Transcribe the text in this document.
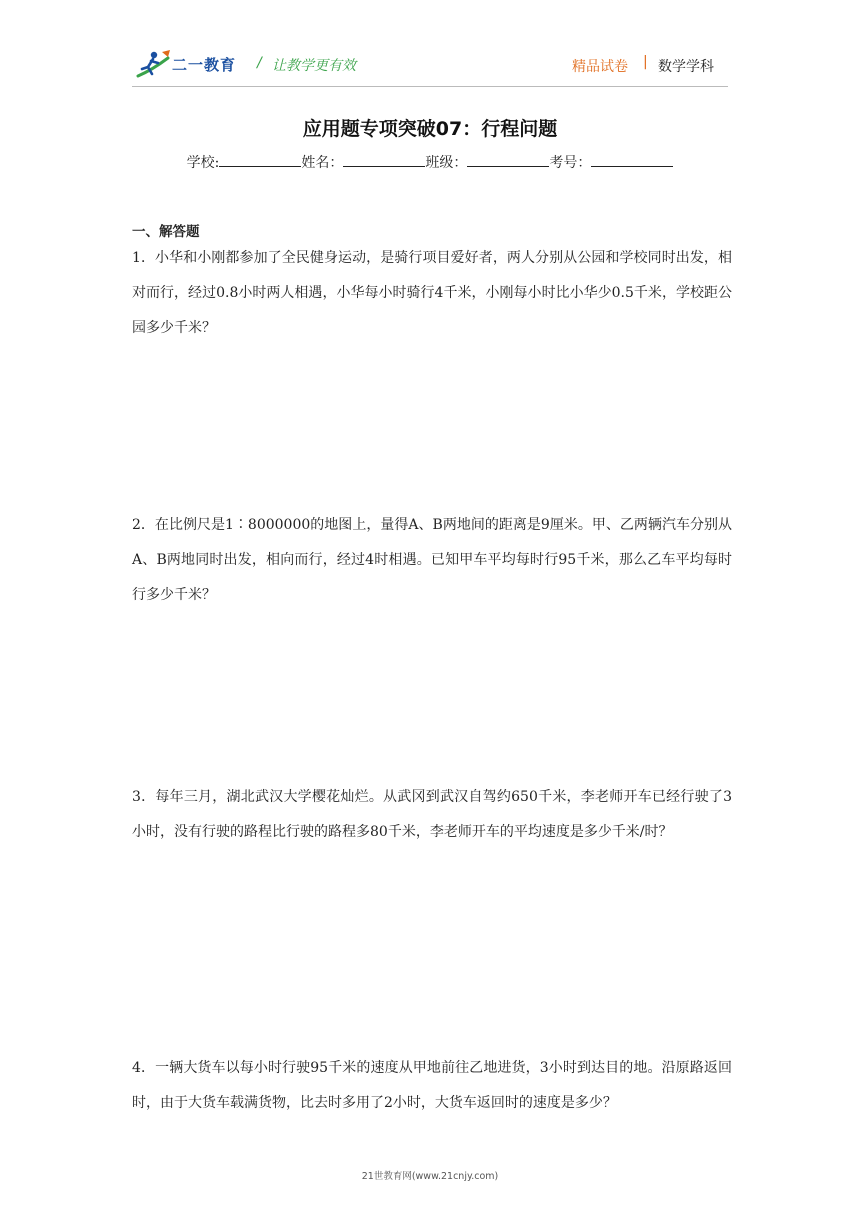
二一教育 / 让教学更有效	精品试卷 | 数学学科
应用题专项突破07：行程问题
学校:	姓名：	班级：	考号：
一、解答题
1．小华和小刚都参加了全民健身运动，是骑行项目爱好者，两人分别从公园和学校同时出发，相对而行，经过0.8小时两人相遇，小华每小时骑行4千米，小刚每小时比小华少0.5千米，学校距公园多少千米？
2．在比例尺是1∶8000000的地图上，量得A、B两地间的距离是9厘米。甲、乙两辆汽车分别从A、B两地同时出发，相向而行，经过4时相遇。已知甲车平均每时行95千米，那么乙车平均每时行多少千米？
3．每年三月，湖北武汉大学樱花灿烂。从武冈到武汉自驾约650千米，李老师开车已经行驶了3小时，没有行驶的路程比行驶的路程多80千米，李老师开车的平均速度是多少千米/时？
4．一辆大货车以每小时行驶95千米的速度从甲地前往乙地进货，3小时到达目的地。沿原路返回时，由于大货车载满货物，比去时多用了2小时，大货车返回时的速度是多少？
21世教育网(www.21cnjy.com)
